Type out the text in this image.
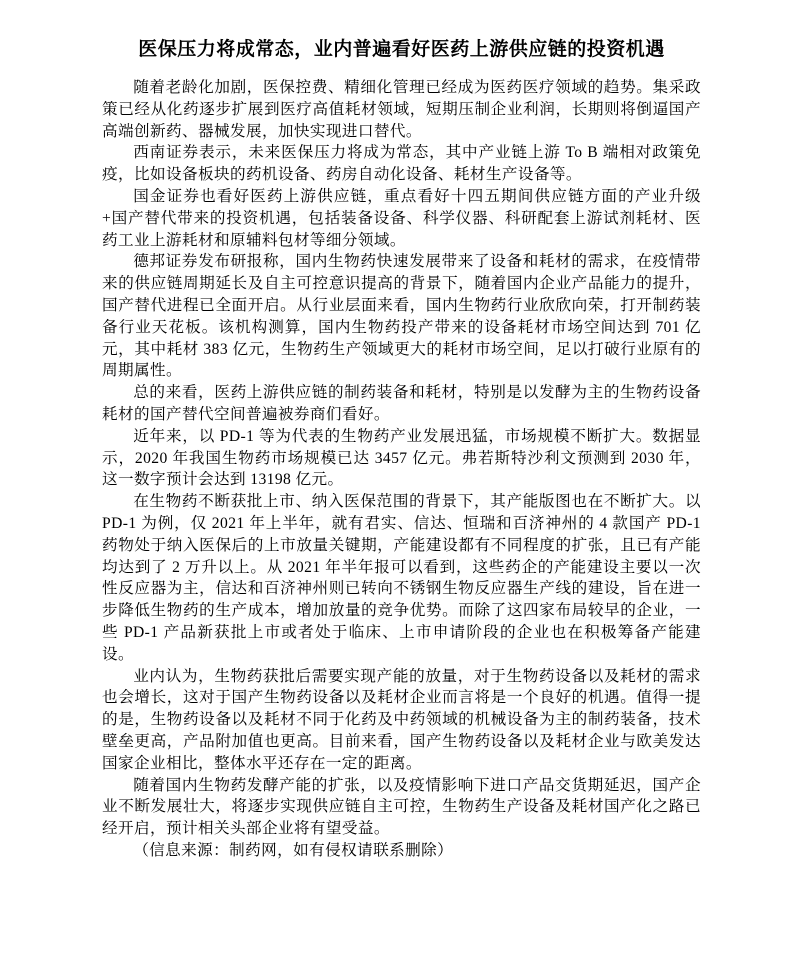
医保压力将成常态，业内普遍看好医药上游供应链的投资机遇

随着老龄化加剧，医保控费、精细化管理已经成为医药医疗领域的趋势。集采政策已经从化药逐步扩展到医疗高值耗材领域，短期压制企业利润，长期则将倒逼国产高端创新药、器械发展，加快实现进口替代。

西南证券表示，未来医保压力将成为常态，其中产业链上游 To B 端相对政策免疫，比如设备板块的药机设备、药房自动化设备、耗材生产设备等。

国金证券也看好医药上游供应链，重点看好十四五期间供应链方面的产业升级+国产替代带来的投资机遇，包括装备设备、科学仪器、科研配套上游试剂耗材、医药工业上游耗材和原辅料包材等细分领域。

德邦证券发布研报称，国内生物药快速发展带来了设备和耗材的需求，在疫情带来的供应链周期延长及自主可控意识提高的背景下，随着国内企业产品能力的提升，国产替代进程已全面开启。从行业层面来看，国内生物药行业欣欣向荣，打开制药装备行业天花板。该机构测算，国内生物药投产带来的设备耗材市场空间达到 701 亿元，其中耗材 383 亿元，生物药生产领域更大的耗材市场空间，足以打破行业原有的周期属性。

总的来看，医药上游供应链的制药装备和耗材，特别是以发酵为主的生物药设备耗材的国产替代空间普遍被券商们看好。

近年来，以 PD-1 等为代表的生物药产业发展迅猛，市场规模不断扩大。数据显示，2020 年我国生物药市场规模已达 3457 亿元。弗若斯特沙利文预测到 2030 年，这一数字预计会达到 13198 亿元。

在生物药不断获批上市、纳入医保范围的背景下，其产能版图也在不断扩大。以 PD-1 为例，仅 2021 年上半年，就有君实、信达、恒瑞和百济神州的 4 款国产 PD-1 药物处于纳入医保后的上市放量关键期，产能建设都有不同程度的扩张，且已有产能均达到了 2 万升以上。从 2021 年半年报可以看到，这些药企的产能建设主要以一次性反应器为主，信达和百济神州则已转向不锈钢生物反应器生产线的建设，旨在进一步降低生物药的生产成本，增加放量的竞争优势。而除了这四家布局较早的企业，一些 PD-1 产品新获批上市或者处于临床、上市申请阶段的企业也在积极筹备产能建设。

业内认为，生物药获批后需要实现产能的放量，对于生物药设备以及耗材的需求也会增长，这对于国产生物药设备以及耗材企业而言将是一个良好的机遇。值得一提的是，生物药设备以及耗材不同于化药及中药领域的机械设备为主的制药装备，技术壁垒更高，产品附加值也更高。目前来看，国产生物药设备以及耗材企业与欧美发达国家企业相比，整体水平还存在一定的距离。

随着国内生物药发酵产能的扩张，以及疫情影响下进口产品交货期延迟，国产企业不断发展壮大，将逐步实现供应链自主可控，生物药生产设备及耗材国产化之路已经开启，预计相关头部企业将有望受益。

（信息来源：制药网，如有侵权请联系删除）
